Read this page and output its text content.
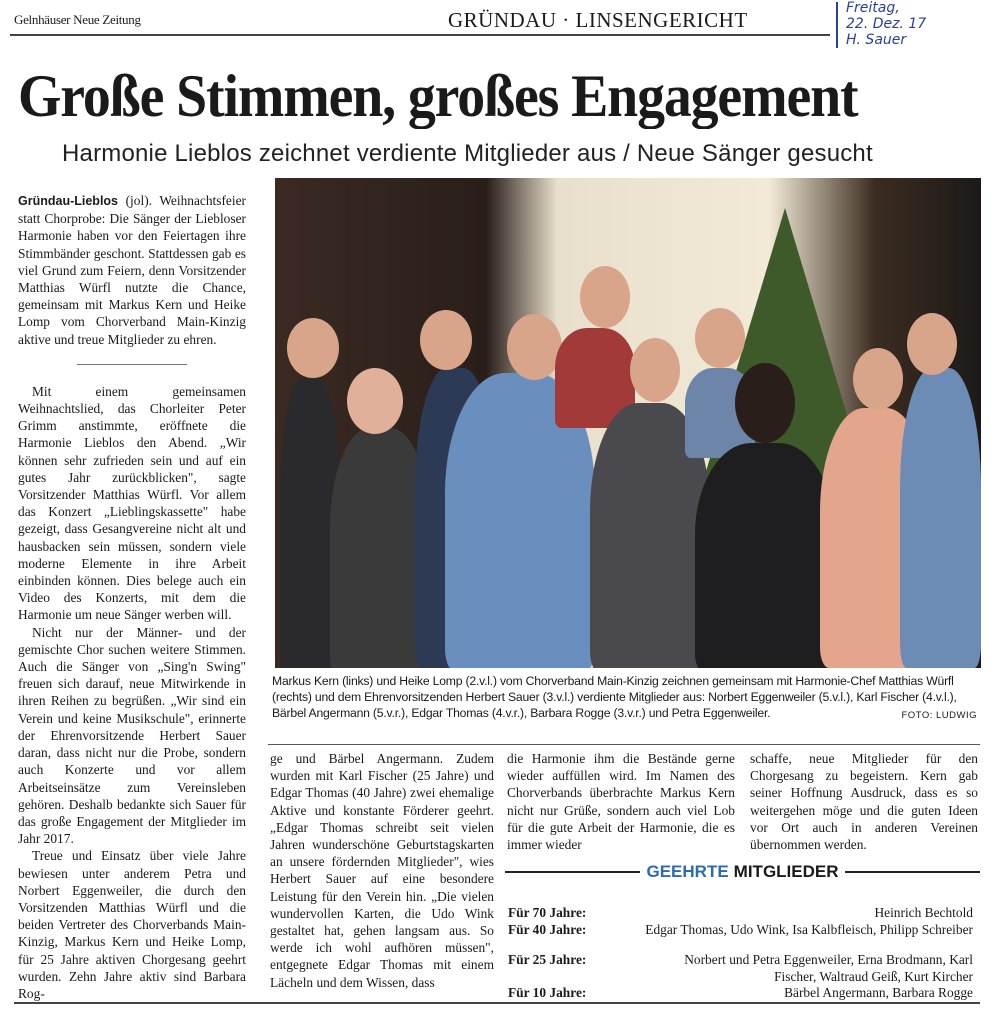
Gelnhäuser Neue Zeitung	GRÜNDAU · LINSENGERICHT	Freitag,
22. Dez. 17
H. Sauer
Große Stimmen, großes Engagement
Harmonie Lieblos zeichnet verdiente Mitglieder aus / Neue Sänger gesucht

Gründau-Lieblos (jol). Weihnachtsfeier statt Chorprobe: Die Sänger der Liebloser Harmonie haben vor den Feiertagen ihre Stimmbänder geschont. Stattdessen gab es viel Grund zum Feiern, denn Vorsitzender Matthias Würfl nutzte die Chance, gemeinsam mit Markus Kern und Heike Lomp vom Chorverband Main-Kinzig aktive und treue Mitglieder zu ehren.

Mit einem gemeinsamen Weihnachtslied, das Chorleiter Peter Grimm anstimmte, eröffnete die Harmonie Lieblos den Abend. „Wir können sehr zufrieden sein und auf ein gutes Jahr zurückblicken", sagte Vorsitzender Matthias Würfl. Vor allem das Konzert „Lieblingskassette" habe gezeigt, dass Gesangvereine nicht alt und hausbacken sein müssen, sondern viele moderne Elemente in ihre Arbeit einbinden können. Dies belege auch ein Video des Konzerts, mit dem die Harmonie um neue Sänger werben will.

Nicht nur der Männer- und der gemischte Chor suchen weitere Stimmen. Auch die Sänger von „Sing'n Swing" freuen sich darauf, neue Mitwirkende in ihren Reihen zu begrüßen. „Wir sind ein Verein und keine Musikschule", erinnerte der Ehrenvorsitzende Herbert Sauer daran, dass nicht nur die Probe, sondern auch Konzerte und vor allem Arbeitseinsätze zum Vereinsleben gehören. Deshalb bedankte sich Sauer für das große Engagement der Mitglieder im Jahr 2017.

Treue und Einsatz über viele Jahre bewiesen unter anderem Petra und Norbert Eggenweiler, die durch den Vorsitzenden Matthias Würfl und die beiden Vertreter des Chorverbands Main-Kinzig, Markus Kern und Heike Lomp, für 25 Jahre aktiven Chorgesang geehrt wurden. Zehn Jahre aktiv sind Barbara Rog-

Markus Kern (links) und Heike Lomp (2.v.l.) vom Chorverband Main-Kinzig zeichnen gemeinsam mit Harmonie-Chef Matthias Würfl (rechts) und dem Ehrenvorsitzenden Herbert Sauer (3.v.l.) verdiente Mitglieder aus: Norbert Eggenweiler (5.v.l.), Karl Fischer (4.v.l.), Bärbel Angermann (5.v.r.), Edgar Thomas (4.v.r.), Barbara Rogge (3.v.r.) und Petra Eggenweiler.	FOTO: LUDWIG

ge und Bärbel Angermann. Zudem wurden mit Karl Fischer (25 Jahre) und Edgar Thomas (40 Jahre) zwei ehemalige Aktive und konstante Förderer geehrt. „Edgar Thomas schreibt seit vielen Jahren wunderschöne Geburtstagskarten an unsere fördernden Mitglieder", wies Herbert Sauer auf eine besondere Leistung für den Verein hin. „Die vielen wundervollen Karten, die Udo Wink gestaltet hat, gehen langsam aus. So werde ich wohl aufhören müssen", entgegnete Edgar Thomas mit einem Lächeln und dem Wissen, dass

die Harmonie ihm die Bestände gerne wieder auffüllen wird. Im Namen des Chorverbands überbrachte Markus Kern nicht nur Grüße, sondern auch viel Lob für die gute Arbeit der Harmonie, die es immer wieder

schaffe, neue Mitglieder für den Chorgesang zu begeistern. Kern gab seiner Hoffnung Ausdruck, dass es so weitergehen möge und die guten Ideen vor Ort auch in anderen Vereinen übernommen werden.

GEEHRTE MITGLIEDER
Für 70 Jahre:	Heinrich Bechtold
Für 40 Jahre:	Edgar Thomas, Udo Wink, Isa Kalbfleisch, Philipp Schreiber
Für 25 Jahre:	Norbert und Petra Eggenweiler, Erna Brodmann, Karl Fischer, Waltraud Geiß, Kurt Kircher
Für 10 Jahre:	Bärbel Angermann, Barbara Rogge
